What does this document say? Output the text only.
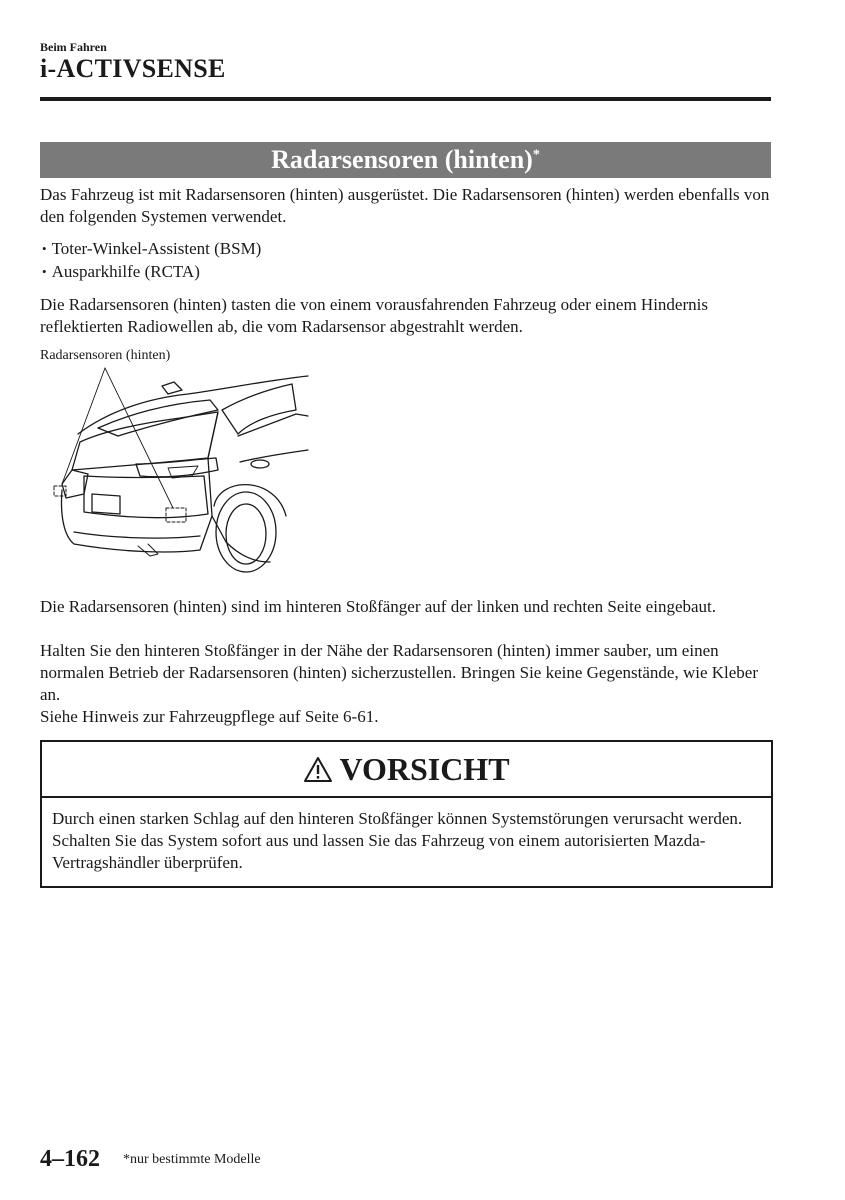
Beim Fahren
i-ACTIVSENSE
Radarsensoren (hinten)*

Das Fahrzeug ist mit Radarsensoren (hinten) ausgerüstet. Die Radarsensoren (hinten) werden ebenfalls von den folgenden Systemen verwendet.

• Toter-Winkel-Assistent (BSM)
• Ausparkhilfe (RCTA)

Die Radarsensoren (hinten) tasten die von einem vorausfahrenden Fahrzeug oder einem Hindernis reflektierten Radiowellen ab, die vom Radarsensor abgestrahlt werden.

Radarsensoren (hinten)

Die Radarsensoren (hinten) sind im hinteren Stoßfänger auf der linken und rechten Seite eingebaut.

Halten Sie den hinteren Stoßfänger in der Nähe der Radarsensoren (hinten) immer sauber, um einen normalen Betrieb der Radarsensoren (hinten) sicherzustellen. Bringen Sie keine Gegenstände, wie Kleber an.

Siehe Hinweis zur Fahrzeugpflege auf Seite 6-61.

VORSICHT

Durch einen starken Schlag auf den hinteren Stoßfänger können Systemstörungen verursacht werden. Schalten Sie das System sofort aus und lassen Sie das Fahrzeug von einem autorisierten Mazda-Vertragshändler überprüfen.

4–162 *nur bestimmte Modelle
